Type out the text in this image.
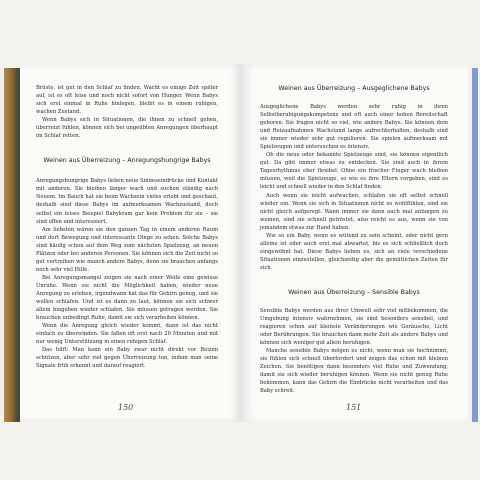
Brüste, ist gut in den Schlaf zu finden. Wacht es einige Zeit später auf, ist es oft leise und noch nicht sofort von Hunger. Wenn Babys sich erst einmal in Ruhe hinlegen, bleibt es in einem ruhigen, wachen Zustand.

Wenn Babys sich in Situationen, die ihnen zu schnell gehen, überreizt fühlen, können sich bei ungeübten Anregungen überhaupt im Schlaf retten.

Weinen aus Überreizung – Anregungshungrige Babys

Anregungshungrige Babys lieben neue Sinneseindrücke und Kontakt mit anderen. Sie bleiben länger wach und suchen ständig nach Neuem. Im Bauch hat sie beim Wachsein vieles erlebt und geschaut, deshalb sind diese Babys im aufmerksamen Wachzustand, doch selbst ein leises Beispiel Babykram gar kein Problem für sie – sie sind offen und interessiert.

Am liebsten wären sie den ganzen Tag in einem anderen Raum und dort Bewegung und interessante Dinge zu sehen. Solche Babys sind häufig schon auf dem Weg zum nächsten Spielzeug, an neuen Plätzen oder bei anderen Personen. Sie können sich die Zeit nicht so gut vertreiben wie manch andere Babys, denn sie brauchen anfangs noch sehr viel Hilfe.

Bei Anregungsmangel zeigen sie nach einer Weile eine gewisse Unruhe. Wenn sie nicht die Möglichkeit haben, wieder neue Anregung zu erleben, irgendwann hat das für Gehirn genug, und sie wollen schlafen. Und ist es dann zu laut, können sie sich schwer allein hingeben wieder schlafen. Sie müssen getragen werden. Sie brauchen unbedingt Ruhe, damit sie sich verarbeiten können.

Wenn die Anregung gleich wieder kommt, dann ist das nicht einfach zu überwinden. Sie fallen oft erst nach 20 Minuten und mit nur wenig Unterstützung in einen ruhigen Schlaf.

Das hilft: Man kann ein Baby zwar nicht direkt vor Reizen schützen, aber sehr viel gegen Überreizung tun, indem man seine Signale früh erkennt und darauf reagiert.

150
Weinen aus Überreizung – Ausgeglichene Babys

Ausgeglichene Babys werden sehr ruhig in ihren Selbstberuhigungskompetenz und oft auch einer hohen Bereitschaft geboren. Sie fragen nicht so viel, wie andere Babys. Sie können dem und Reizaufnahmen Wachstand lange aufrechterhalten, deshalb sind sie immer wieder sehr gut regulieren. Sie spielen aufmerksam mit Spielzeugen und untersuchen es intensiv.

Ob die neue oder bekannte Spielzeuge sind, sie können eigentlich gut. Da gibt immer etwas zu entdecken. Sie sind auch in ihrem Tagesrhythmus eher flexibel. Ohne ein frischer Finger wach bleiben müssen, weil die Spielzeuge, so wie es ihre Eltern vorgeben, sind es leicht und schnell wieder in den Schlaf finden.

Auch wenn sie leicht aufwachen, schlafen sie oft selbst schnell wieder ein. Wenn sie sich in Situationen nicht so wohlfühlen, sind sie nicht gleich aufgeregt. Wann immer sie dann auch mal anfangen zu weinen, sind sie schnell getröstet, also reicht es aus, wenn sie von jemandem etwas zur Hand haben.

Wie so ein Baby, wenn es wütend zu sein scheint, oder nicht gern alleine ist oder auch erst mal abwartet, bis es sich schließlich doch eingewöhnt hat. Diese Babys lieben es, sich an viele verschiedene Situationen einzustellen, gleichzeitig aber die gemütlichen Zeiten für sich.

Weinen aus Überreizung – Sensible Babys

Sensible Babys werden aus ihrer Umwelt sehr viel mitbekommen, die Umgebung intensiv wahrnehmen, sie sind besonders sensibel, und reagieren schon auf kleinste Veränderungen wie Geräusche, Licht oder Berührungen. Sie brauchen dann mehr Zeit als andere Babys und können sich weniger gut allein beruhigen.

Manche sensible Babys mögen es nicht, wenn man sie hochnimmt, sie fühlen sich schnell überfordert und zeigen das schon mit kleinen Zeichen. Sie benötigen dann besonders viel Ruhe und Zuwendung, damit sie sich wieder beruhigen können. Wenn sie nicht genug Ruhe bekommen, kann das Gehirn die Eindrücke nicht verarbeiten und das Baby schreit.

151
